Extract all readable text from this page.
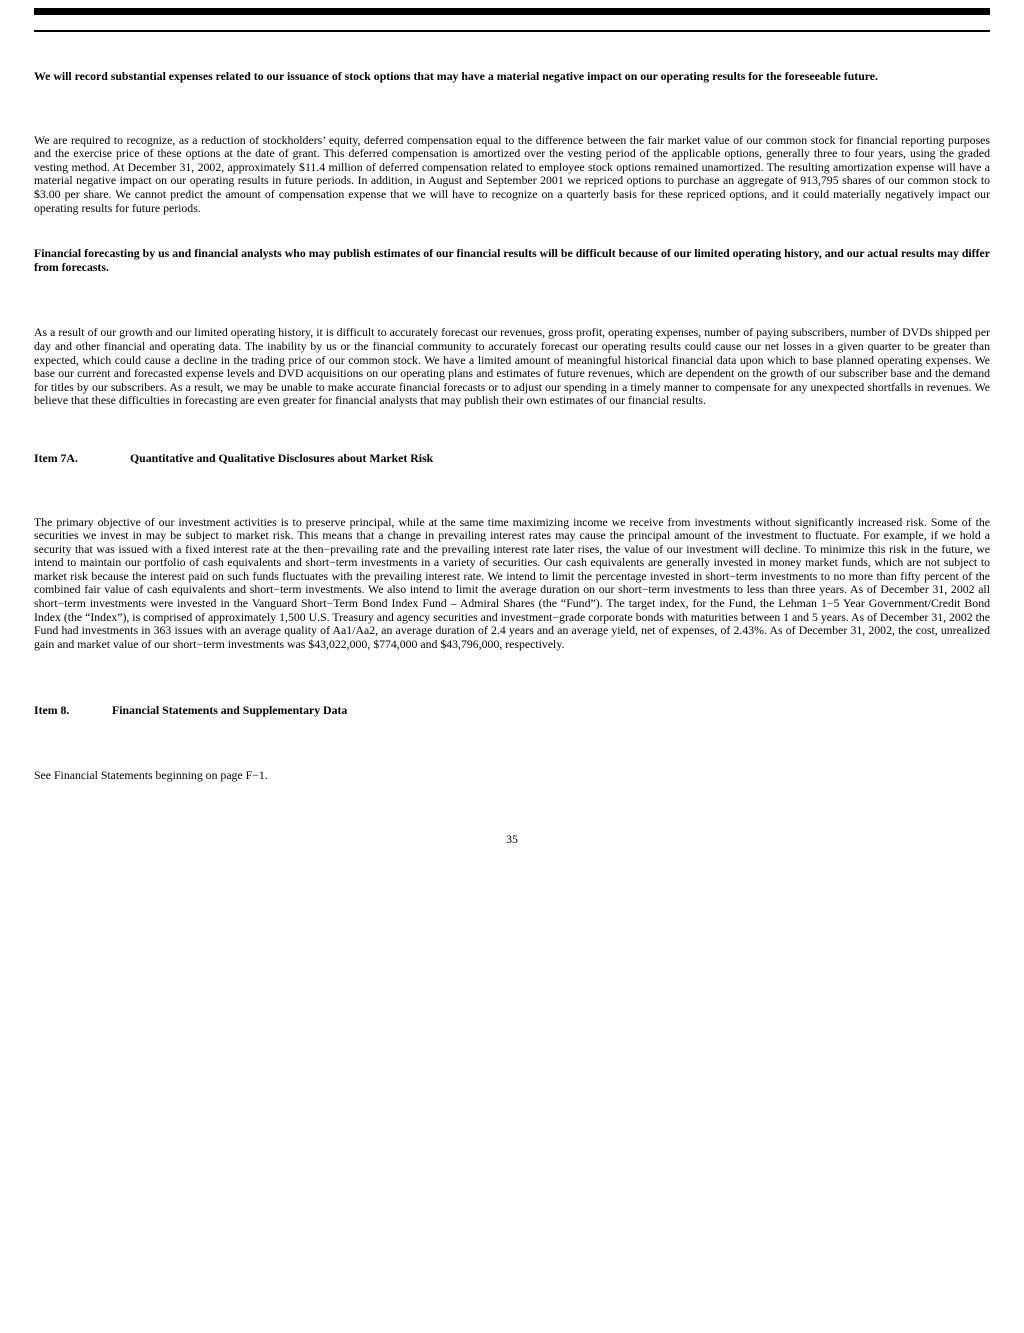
We will record substantial expenses related to our issuance of stock options that may have a material negative impact on our operating results for the foreseeable future.
We are required to recognize, as a reduction of stockholders’ equity, deferred compensation equal to the difference between the fair market value of our common stock for financial reporting purposes and the exercise price of these options at the date of grant. This deferred compensation is amortized over the vesting period of the applicable options, generally three to four years, using the graded vesting method. At December 31, 2002, approximately $11.4 million of deferred compensation related to employee stock options remained unamortized. The resulting amortization expense will have a material negative impact on our operating results in future periods. In addition, in August and September 2001 we repriced options to purchase an aggregate of 913,795 shares of our common stock to $3.00 per share. We cannot predict the amount of compensation expense that we will have to recognize on a quarterly basis for these repriced options, and it could materially negatively impact our operating results for future periods.
Financial forecasting by us and financial analysts who may publish estimates of our financial results will be difficult because of our limited operating history, and our actual results may differ from forecasts.
As a result of our growth and our limited operating history, it is difficult to accurately forecast our revenues, gross profit, operating expenses, number of paying subscribers, number of DVDs shipped per day and other financial and operating data. The inability by us or the financial community to accurately forecast our operating results could cause our net losses in a given quarter to be greater than expected, which could cause a decline in the trading price of our common stock. We have a limited amount of meaningful historical financial data upon which to base planned operating expenses. We base our current and forecasted expense levels and DVD acquisitions on our operating plans and estimates of future revenues, which are dependent on the growth of our subscriber base and the demand for titles by our subscribers. As a result, we may be unable to make accurate financial forecasts or to adjust our spending in a timely manner to compensate for any unexpected shortfalls in revenues. We believe that these difficulties in forecasting are even greater for financial analysts that may publish their own estimates of our financial results.
Item 7A.	Quantitative and Qualitative Disclosures about Market Risk
The primary objective of our investment activities is to preserve principal, while at the same time maximizing income we receive from investments without significantly increased risk. Some of the securities we invest in may be subject to market risk. This means that a change in prevailing interest rates may cause the principal amount of the investment to fluctuate. For example, if we hold a security that was issued with a fixed interest rate at the then−prevailing rate and the prevailing interest rate later rises, the value of our investment will decline. To minimize this risk in the future, we intend to maintain our portfolio of cash equivalents and short−term investments in a variety of securities. Our cash equivalents are generally invested in money market funds, which are not subject to market risk because the interest paid on such funds fluctuates with the prevailing interest rate. We intend to limit the percentage invested in short−term investments to no more than fifty percent of the combined fair value of cash equivalents and short−term investments. We also intend to limit the average duration on our short−term investments to less than three years. As of December 31, 2002 all short−term investments were invested in the Vanguard Short−Term Bond Index Fund – Admiral Shares (the “Fund”). The target index, for the Fund, the Lehman 1−5 Year Government/Credit Bond Index (the “Index”), is comprised of approximately 1,500 U.S. Treasury and agency securities and investment−grade corporate bonds with maturities between 1 and 5 years. As of December 31, 2002 the Fund had investments in 363 issues with an average quality of Aa1/Aa2, an average duration of 2.4 years and an average yield, net of expenses, of 2.43%. As of December 31, 2002, the cost, unrealized gain and market value of our short−term investments was $43,022,000, $774,000 and $43,796,000, respectively.
Item 8.	Financial Statements and Supplementary Data
See Financial Statements beginning on page F−1.
35
